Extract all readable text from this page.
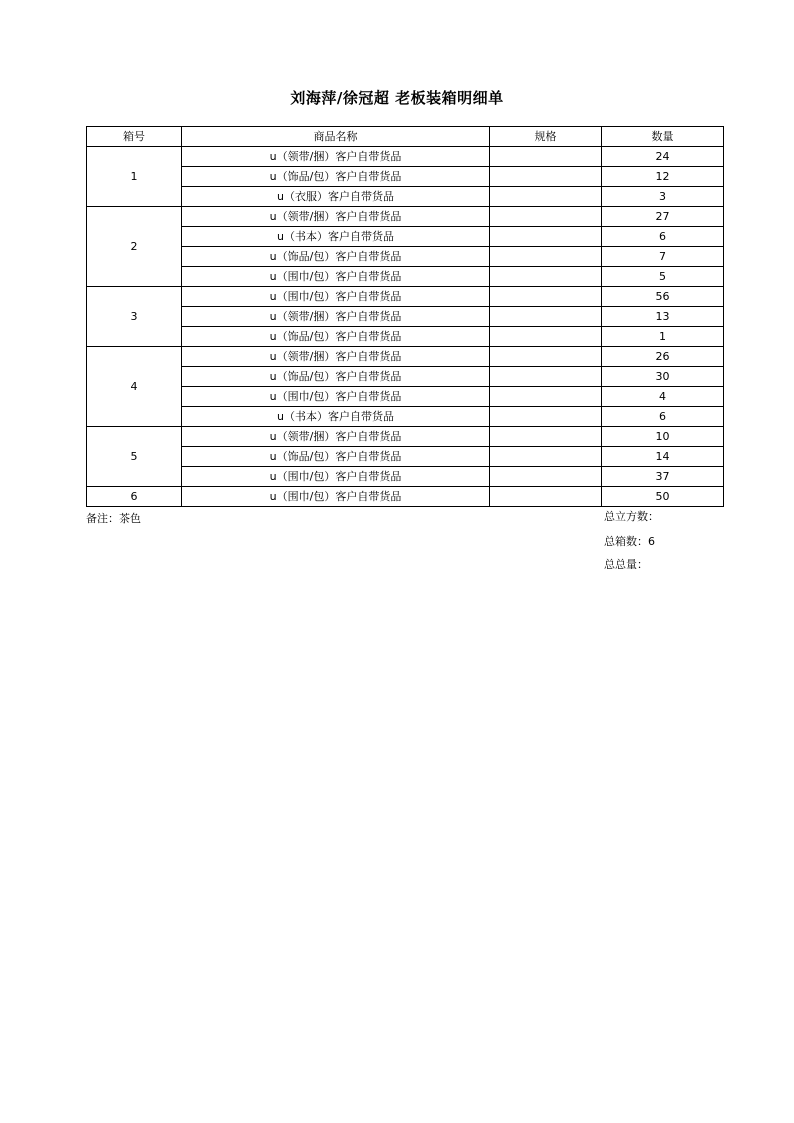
刘海萍/徐冠超 老板装箱明细单
箱号	商品名称	规格	数量
1	u（领带/捆）客户自带货品		24
	u（饰品/包）客户自带货品		12
	u（衣服）客户自带货品		3
2	u（领带/捆）客户自带货品		27
	u（书本）客户自带货品		6
	u（饰品/包）客户自带货品		7
	u（围巾/包）客户自带货品		5
3	u（围巾/包）客户自带货品		56
	u（领带/捆）客户自带货品		13
	u（饰品/包）客户自带货品		1
4	u（领带/捆）客户自带货品		26
	u（饰品/包）客户自带货品		30
	u（围巾/包）客户自带货品		4
	u（书本）客户自带货品		6
5	u（领带/捆）客户自带货品		10
	u（饰品/包）客户自带货品		14
	u（围巾/包）客户自带货品		37
6	u（围巾/包）客户自带货品		50
备注：茶色	总立方数：
总箱数：6
总总量：
